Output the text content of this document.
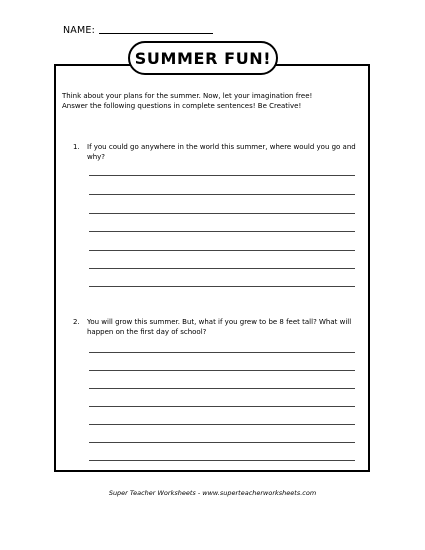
NAME:
SUMMER FUN!

Think about your plans for the summer. Now, let your imagination free!

Answer the following questions in complete sentences! Be Creative!

1.	If you could go anywhere in the world this summer, where would you go and why?
2.	You will grow this summer. But, what if you grew to be 8 feet tall? What will happen on the first day of school?
Super Teacher Worksheets - www.superteacherworksheets.com
